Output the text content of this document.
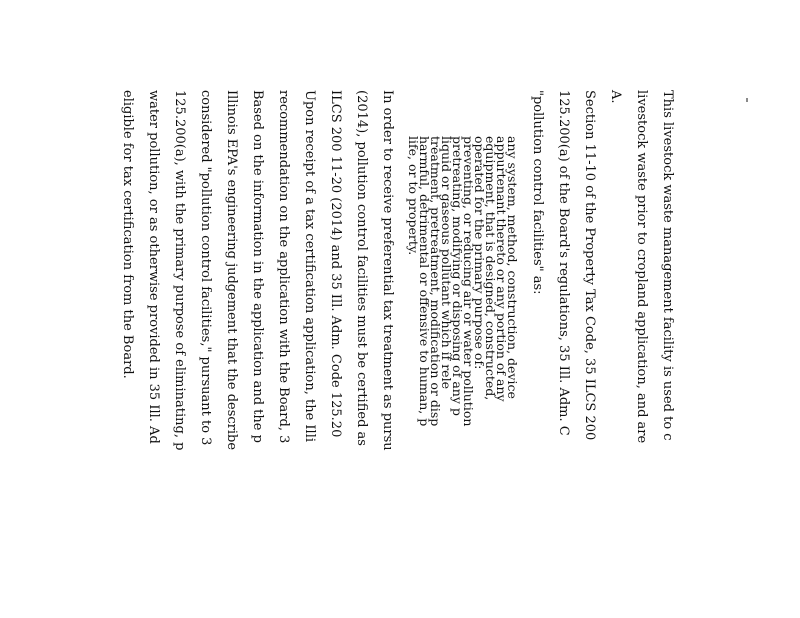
This livestock waste management facility is used to c
livestock waste prior to cropland application, and are
A.
Section 11-10 of the Property Tax Code, 35 ILCS 200
125.200(a) of the Board's regulations, 35 Ill. Adm. C
"pollution control facilities" as:
any system, method, construction, device
appurtenant thereto or any portion of any
equipment, that is designed, constructed,
operated for the primary purpose of:
preventing, or reducing air or water pollution
pretreating, modifying or disposing of any p
liquid or gaseous pollutant which if rele
treatment, pretreatment, modification or disp
harmful, detrimental or offensive to human, p
life, or to property.
In order to receive preferential tax treatment as pursu
(2014), pollution control facilities must be certified as
ILCS 200 11-20 (2014) and 35 Ill. Adm. Code 125.20
Upon receipt of a tax certification application, the Illi
recommendation on the application with the Board, 3
Based on the information in the application and the p
Illinois EPA's engineering judgement that the describe
considered "pollution control facilities," pursuant to 3
125.200(a), with the primary purpose of eliminating, p
water pollution, or as otherwise provided in 35 Ill. Ad
eligible for tax certification from the Board.
